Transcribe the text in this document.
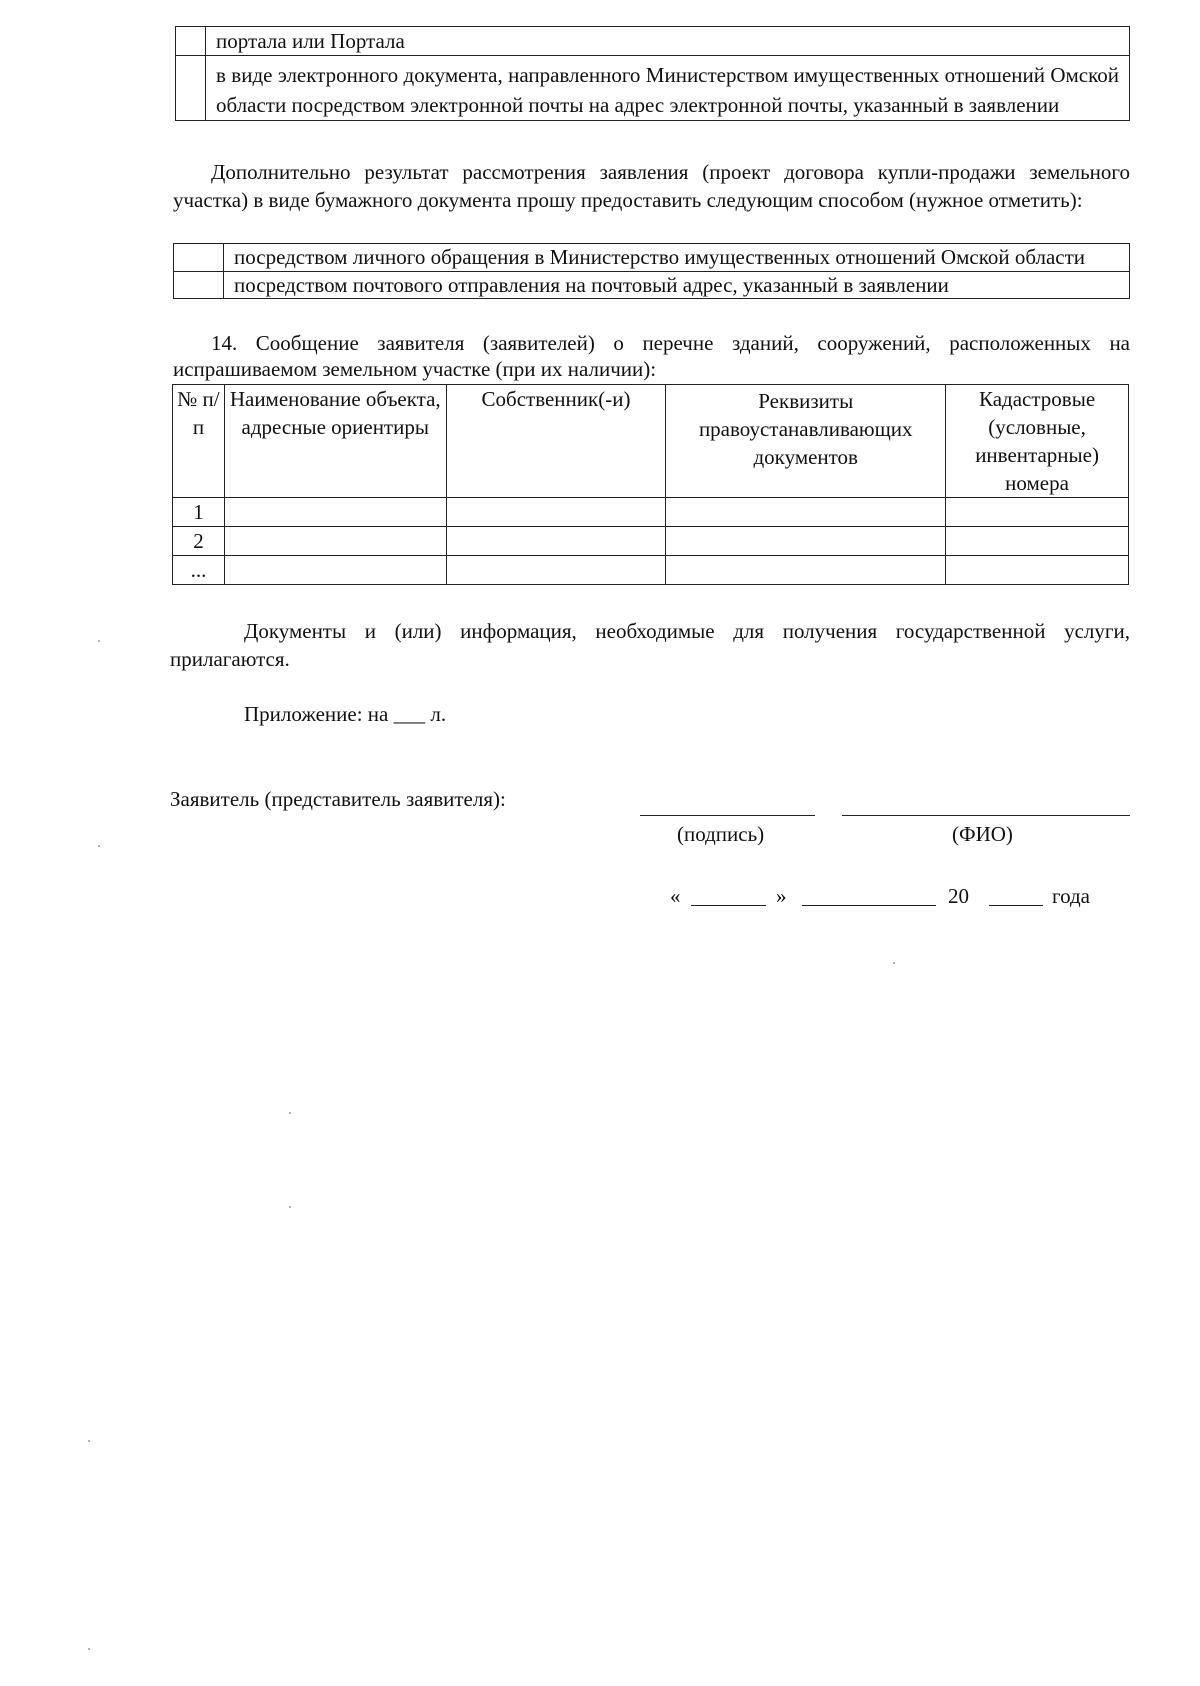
	портала или Портала
	в виде электронного документа, направленного Министерством имущественных отношений Омской области посредством электронной почты на адрес электронной почты, указанный в заявлении
Дополнительно результат рассмотрения заявления (проект договора купли-продажи земельного участка) в виде бумажного документа прошу предоставить следующим способом (нужное отметить):
	посредством личного обращения в Министерство имущественных отношений Омской области
	посредством почтового отправления на почтовый адрес, указанный в заявлении
14. Сообщение заявителя (заявителей) о перечне зданий, сооружений, расположенных на испрашиваемом земельном участке (при их наличии):
№ п/п	Наименование объекта, адресные ориентиры	Собственник(-и)	Реквизиты правоустанавливающих документов	Кадастровые (условные, инвентарные) номера
1				
2				
...				
Документы и (или) информация, необходимые для получения государственной услуги, прилагаются.
Приложение: на ___ л.
Заявитель (представитель заявителя):
(подпись)	(ФИО)
«	»	20	года
